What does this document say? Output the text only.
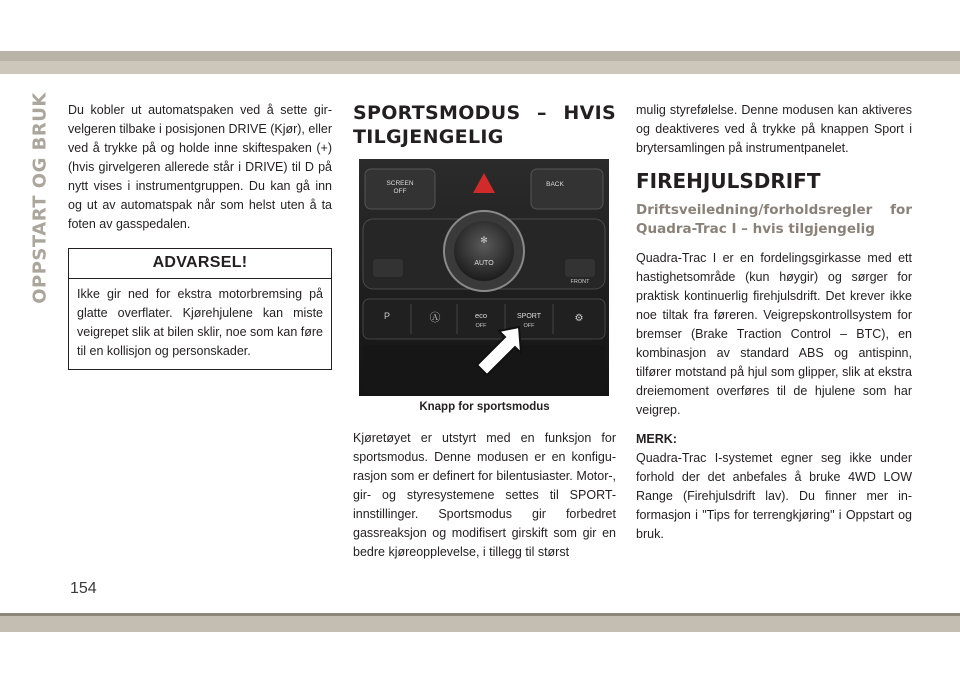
OPPSTART OG BRUK Du kobler ut automatspaken ved å sette girvelgeren tilbake i posisjonen DRIVE (Kjør), eller ved å trykke på og holde inne skiftespaken (+) (hvis girvelgeren allerede står i DRIVE) til D på nytt vises i instrumentgruppen. Du kan gå inn og ut av automatspak når som helst uten å ta foten av gasspedalen.

ADVARSEL!

Ikke gir ned for ekstra motorbremsing på glatte overflater. Kjørehjulene kan miste veigrepet slik at bilen sklir, noe som kan føre til en kollisjon og personskader.

SPORTSMODUS – HVIS TILGJENGELIG
SCREEN
OFF
BACK
AUTO
✻
FRONT
P	Ⓐ	eco
OFF
SPORT
OFF
⚙
Knapp for sportsmodus

Kjøretøyet er utstyrt med en funksjon for sportsmodus. Denne modusen er en konfigurasjon som er definert for bilentusiaster. Motor-, gir- og styresystemene settes til SPORT-innstillinger. Sportsmodus gir forbedret gassreaksjon og modifisert girskift som gir en bedre kjøreopplevelse, i tillegg til størst

mulig styrefølelse. Denne modusen kan aktiveres og deaktiveres ved å trykke på knappen Sport i brytersamlingen på instrumentpanelet.

FIREHJULSDRIFT
Driftsveiledning/forholdsregler for Quadra-Trac I – hvis tilgjengelig

Quadra-Trac I er en fordelingsgirkasse med ett hastighetsområde (kun høygir) og sørger for praktisk kontinuerlig firehjulsdrift. Det krever ikke noe tiltak fra føreren. Veigrepskontrollsystem for bremser (Brake Traction Control – BTC), en kombinasjon av standard ABS og antispinn, tilfører motstand på hjul som glipper, slik at ekstra dreiemoment overføres til de hjulene som har veigrep.

MERK:

Quadra-Trac I-systemet egner seg ikke under forhold der det anbefales å bruke 4WD LOW Range (Firehjulsdrift lav). Du finner mer informasjon i "Tips for terrengkjøring" i Oppstart og bruk.

154
